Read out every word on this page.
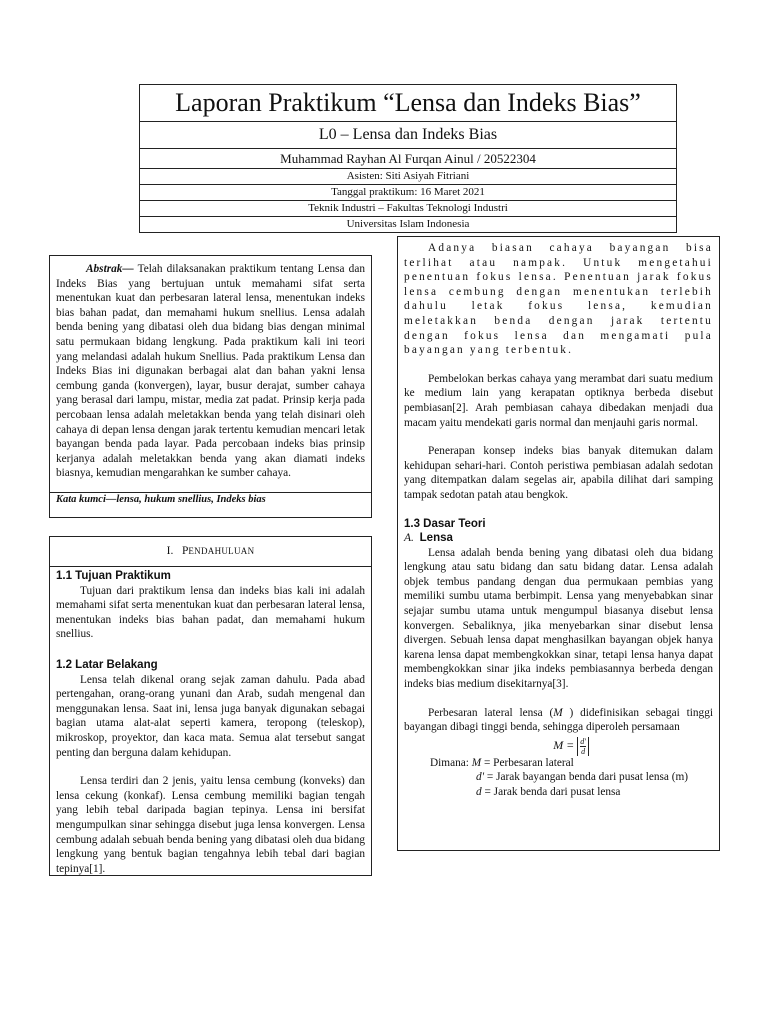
Laporan Praktikum “Lensa dan Indeks Bias”
L0 – Lensa dan Indeks Bias
Muhammad Rayhan Al Furqan Ainul / 20522304
Asisten: Siti Asiyah Fitriani
Tanggal praktikum: 16 Maret 2021
Teknik Industri – Fakultas Teknologi Industri
Universitas Islam Indonesia
Abstrak— Telah dilaksanakan praktikum tentang Lensa dan Indeks Bias yang bertujuan untuk memahami sifat serta menentukan kuat dan perbesaran lateral lensa, menentukan indeks bias bahan padat, dan memahami hukum snellius. Lensa adalah benda bening yang dibatasi oleh dua bidang bias dengan minimal satu permukaan bidang lengkung. Pada praktikum kali ini teori yang melandasi adalah hukum Snellius. Pada praktikum Lensa dan Indeks Bias ini digunakan berbagai alat dan bahan yakni lensa cembung ganda (konvergen), layar, busur derajat, sumber cahaya yang berasal dari lampu, mistar, media zat padat. Prinsip kerja pada percobaan lensa adalah meletakkan benda yang telah disinari oleh cahaya di depan lensa dengan jarak tertentu kemudian mencari letak bayangan benda pada layar. Pada percobaan indeks bias prinsip kerjanya adalah meletakkan benda yang akan diamati indeks biasnya, kemudian mengarahkan ke sumber cahaya.
Kata kumci—lensa, hukum snellius, Indeks bias
I. PENDAHULUAN
1.1 Tujuan Praktikum

Tujuan dari praktikum lensa dan indeks bias kali ini adalah memahami sifat serta menentukan kuat dan perbesaran lateral lensa, menentukan indeks bias bahan padat, dan memahami hukum snellius.

1.2 Latar Belakang

Lensa telah dikenal orang sejak zaman dahulu. Pada abad pertengahan, orang-orang yunani dan Arab, sudah mengenal dan menggunakan lensa. Saat ini, lensa juga banyak digunakan sebagai bagian utama alat-alat seperti kamera, teropong (teleskop), mikroskop, proyektor, dan kaca mata. Semua alat tersebut sangat penting dan berguna dalam kehidupan.

Lensa terdiri dan 2 jenis, yaitu lensa cembung (konveks) dan lensa cekung (konkaf). Lensa cembung memiliki bagian tengah yang lebih tebal daripada bagian tepinya. Lensa ini bersifat mengumpulkan sinar sehingga disebut juga lensa konvergen. Lensa cembung adalah sebuah benda bening yang dibatasi oleh dua bidang lengkung yang bentuk bagian tengahnya lebih tebal dari bagian tepinya[1].

Adanya biasan cahaya bayangan bisa terlihat atau nampak. Untuk mengetahui penentuan fokus lensa. Penentuan jarak fokus lensa cembung dengan menentukan terlebih dahulu letak fokus lensa, kemudian meletakkan benda dengan jarak tertentu dengan fokus lensa dan mengamati pula bayangan yang terbentuk.

Pembelokan berkas cahaya yang merambat dari suatu medium ke medium lain yang kerapatan optiknya berbeda disebut pembiasan[2]. Arah pembiasan cahaya dibedakan menjadi dua macam yaitu mendekati garis normal dan menjauhi garis normal.

Penerapan konsep indeks bias banyak ditemukan dalam kehidupan sehari-hari. Contoh peristiwa pembiasan adalah sedotan yang ditempatkan dalam segelas air, apabila dilihat dari samping tampak sedotan patah atau bengkok.

1.3 Dasar Teori
A. Lensa

Lensa adalah benda bening yang dibatasi oleh dua bidang lengkung atau satu bidang dan satu bidang datar. Lensa adalah objek tembus pandang dengan dua permukaan pembias yang memiliki sumbu utama berbimpit. Lensa yang menyebabkan sinar sejajar sumbu utama untuk mengumpul biasanya disebut lensa konvergen. Sebaliknya, jika menyebarkan sinar disebut lensa divergen. Sebuah lensa dapat menghasilkan bayangan objek hanya karena lensa dapat membengkokkan sinar, tetapi lensa hanya dapat membengkokkan sinar jika indeks pembiasannya berbeda dengan indeks bias medium disekitarnya[3].

Perbesaran lateral lensa (M ) didefinisikan sebagai tinggi bayangan dibagi tinggi benda, sehingga diperoleh persamaan

$M = \frac{d'}{d}$
Dimana: M = Perbesaran lateral
d' = Jarak bayangan benda dari pusat lensa (m)
d = Jarak benda dari pusat lensa
